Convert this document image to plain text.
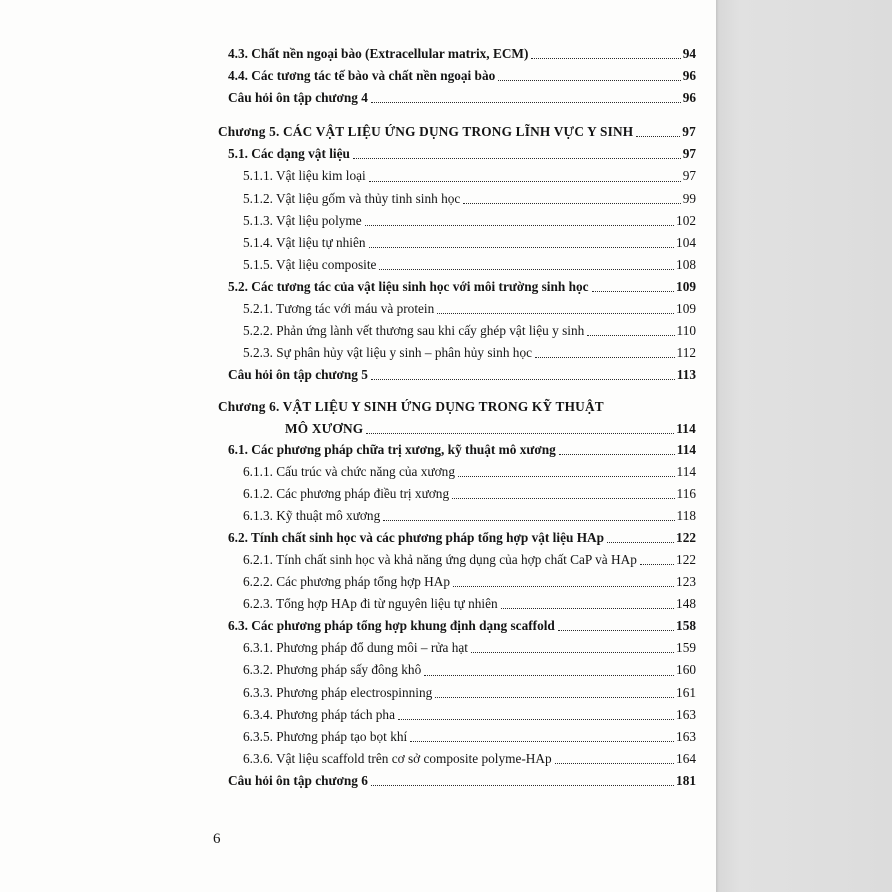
4.3. Chất nền ngoại bào (Extracellular matrix, ECM)	94
4.4. Các tương tác tế bào và chất nền ngoại bào	96
Câu hỏi ôn tập chương 4	96
Chương 5. CÁC VẬT LIỆU ỨNG DỤNG TRONG LĨNH VỰC Y SINH	97
5.1. Các dạng vật liệu	97
5.1.1. Vật liệu kim loại	97
5.1.2. Vật liệu gốm và thủy tinh sinh học	99
5.1.3. Vật liệu polyme	102
5.1.4. Vật liệu tự nhiên	104
5.1.5. Vật liệu composite	108
5.2. Các tương tác của vật liệu sinh học với môi trường sinh học	109
5.2.1. Tương tác với máu và protein	109
5.2.2. Phản ứng lành vết thương sau khi cấy ghép vật liệu y sinh	110
5.2.3. Sự phân hủy vật liệu y sinh – phân hủy sinh học	112
Câu hỏi ôn tập chương 5	113
Chương 6. VẬT LIỆU Y SINH ỨNG DỤNG TRONG KỸ THUẬT
MÔ XƯƠNG	114
6.1. Các phương pháp chữa trị xương, kỹ thuật mô xương	114
6.1.1. Cấu trúc và chức năng của xương	114
6.1.2. Các phương pháp điều trị xương	116
6.1.3. Kỹ thuật mô xương	118
6.2. Tính chất sinh học và các phương pháp tổng hợp vật liệu HAp	122
6.2.1. Tính chất sinh học và khả năng ứng dụng của hợp chất CaP và HAp	122
6.2.2. Các phương pháp tổng hợp HAp	123
6.2.3. Tổng hợp HAp đi từ nguyên liệu tự nhiên	148
6.3. Các phương pháp tổng hợp khung định dạng scaffold	158
6.3.1. Phương pháp đổ dung môi – rửa hạt	159
6.3.2. Phương pháp sấy đông khô	160
6.3.3. Phương pháp electrospinning	161
6.3.4. Phương pháp tách pha	163
6.3.5. Phương pháp tạo bọt khí	163
6.3.6. Vật liệu scaffold trên cơ sở composite polyme-HAp	164
Câu hỏi ôn tập chương 6	181
6
